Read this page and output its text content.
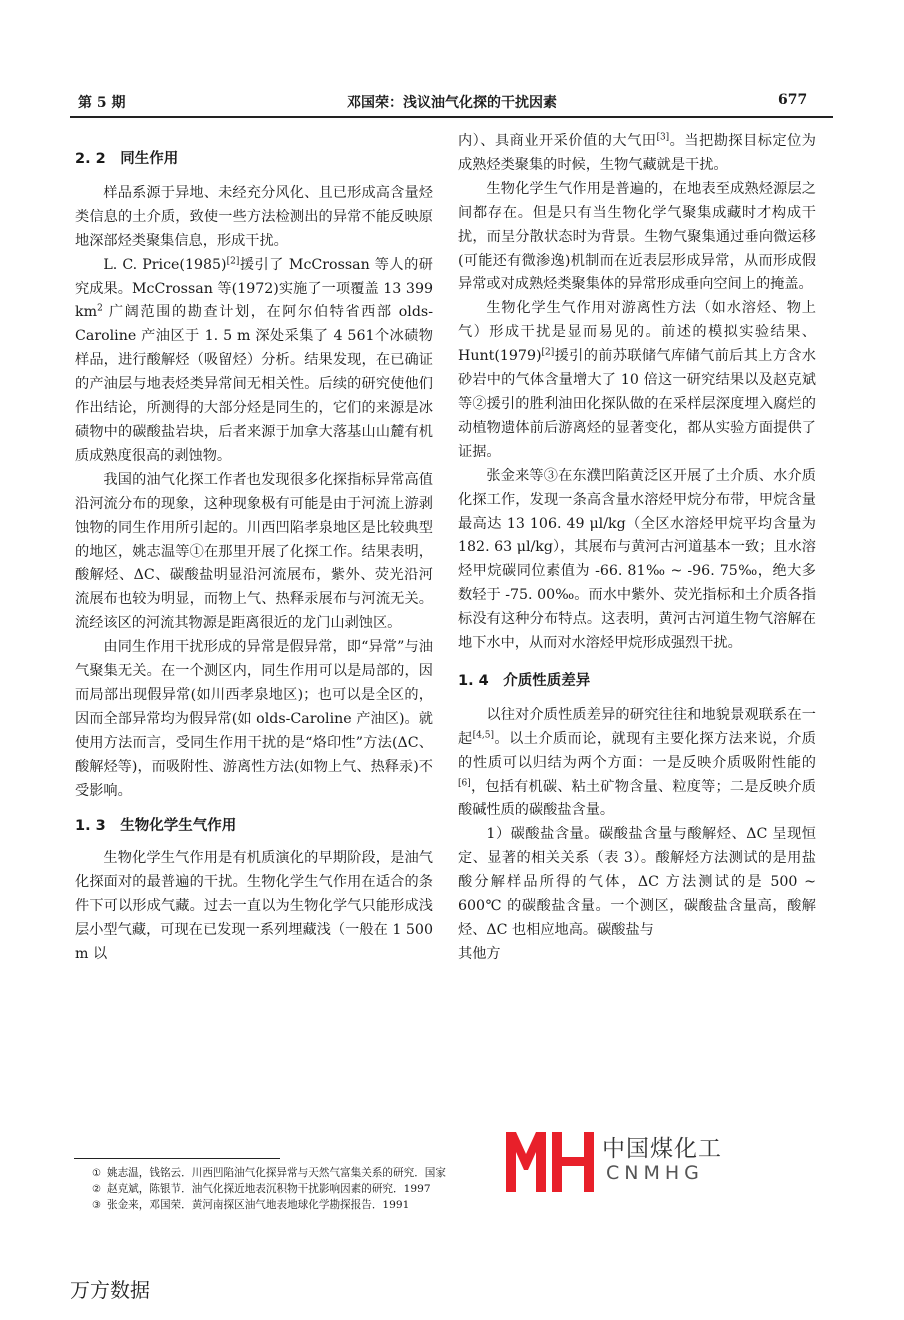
第 5 期	邓国荣：浅议油气化探的干扰因素	677
2. 2　同生作用

样品系源于异地、未经充分风化、且已形成高含量烃类信息的土介质，致使一些方法检测出的异常不能反映原地深部烃类聚集信息，形成干扰。

L. C. Price(1985)[2]援引了 McCrossan 等人的研究成果。McCrossan 等(1972)实施了一项覆盖 13 399 $km^2$ 广阔范围的勘查计划，在阿尔伯特省西部 olds-Caroline 产油区于 1. 5 m 深处采集了 4 561个冰碛物样品，进行酸解烃（吸留烃）分析。结果发现，在已确证的产油层与地表烃类异常间无相关性。后续的研究使他们作出结论，所测得的大部分烃是同生的，它们的来源是冰碛物中的碳酸盐岩块，后者来源于加拿大落基山山麓有机质成熟度很高的剥蚀物。

我国的油气化探工作者也发现很多化探指标异常高值沿河流分布的现象，这种现象极有可能是由于河流上游剥蚀物的同生作用所引起的。川西凹陷孝泉地区是比较典型的地区，姚志温等①在那里开展了化探工作。结果表明，酸解烃、ΔC、碳酸盐明显沿河流展布，紫外、荧光沿河流展布也较为明显，而物上气、热释汞展布与河流无关。流经该区的河流其物源是距离很近的龙门山剥蚀区。

由同生作用干扰形成的异常是假异常，即“异常”与油气聚集无关。在一个测区内，同生作用可以是局部的，因而局部出现假异常(如川西孝泉地区)；也可以是全区的，因而全部异常均为假异常(如 olds-Caroline 产油区)。就使用方法而言，受同生作用干扰的是“烙印性”方法(ΔC、酸解烃等)，而吸附性、游离性方法(如物上气、热释汞)不受影响。

1. 3　生物化学生气作用

生物化学生气作用是有机质演化的早期阶段，是油气化探面对的最普遍的干扰。生物化学生气作用在适合的条件下可以形成气藏。过去一直以为生物化学气只能形成浅层小型气藏，可现在已发现一系列埋藏浅（一般在 1 500 m 以

内）、具商业开采价值的大气田[3]。当把勘探目标定位为成熟烃类聚集的时候，生物气藏就是干扰。

生物化学生气作用是普遍的，在地表至成熟烃源层之间都存在。但是只有当生物化学气聚集成藏时才构成干扰，而呈分散状态时为背景。生物气聚集通过垂向微运移(可能还有微渗逸)机制而在近表层形成异常，从而形成假异常或对成熟烃类聚集体的异常形成垂向空间上的掩盖。

生物化学生气作用对游离性方法（如水溶烃、物上气）形成干扰是显而易见的。前述的模拟实验结果、Hunt(1979)[2]援引的前苏联储气库储气前后其上方含水砂岩中的气体含量增大了 10 倍这一研究结果以及赵克斌等②援引的胜利油田化探队做的在采样层深度埋入腐烂的动植物遗体前后游离烃的显著变化，都从实验方面提供了证据。

张金来等③在东濮凹陷黄泛区开展了土介质、水介质化探工作，发现一条高含量水溶烃甲烷分布带，甲烷含量最高达 13 106. 49 μl/kg（全区水溶烃甲烷平均含量为 182. 63 μl/kg），其展布与黄河古河道基本一致；且水溶烃甲烷碳同位素值为 -66. 81‰ ~ -96. 75‰，绝大多数轻于 -75. 00‰。而水中紫外、荧光指标和土介质各指标没有这种分布特点。这表明，黄河古河道生物气溶解在地下水中，从而对水溶烃甲烷形成强烈干扰。

1. 4　介质性质差异

以往对介质性质差异的研究往往和地貌景观联系在一起[4,5]。以土介质而论，就现有主要化探方法来说，介质的性质可以归结为两个方面：一是反映介质吸附性能的[6]，包括有机碳、粘土矿物含量、粒度等；二是反映介质酸碱性质的碳酸盐含量。

1）碳酸盐含量。碳酸盐含量与酸解烃、ΔC 呈现恒定、显著的相关关系（表 3）。酸解烃方法测试的是用盐酸分解样品所得的气体，ΔC 方法测试的是 500 ~ 600℃ 的碳酸盐含量。一个测区，碳酸盐含量高，酸解烃、ΔC 也相应地高。碳酸盐与

其他方

① 姚志温，钱铭云．川西凹陷油气化探异常与天然气富集关系的研究．国家
② 赵克斌，陈银节．油气化探近地表沉积物干扰影响因素的研究．1997
③ 张金来，邓国荣．黄河南探区油气地表地球化学勘探报告．1991
万方数据
中国煤化工
CNMHG
